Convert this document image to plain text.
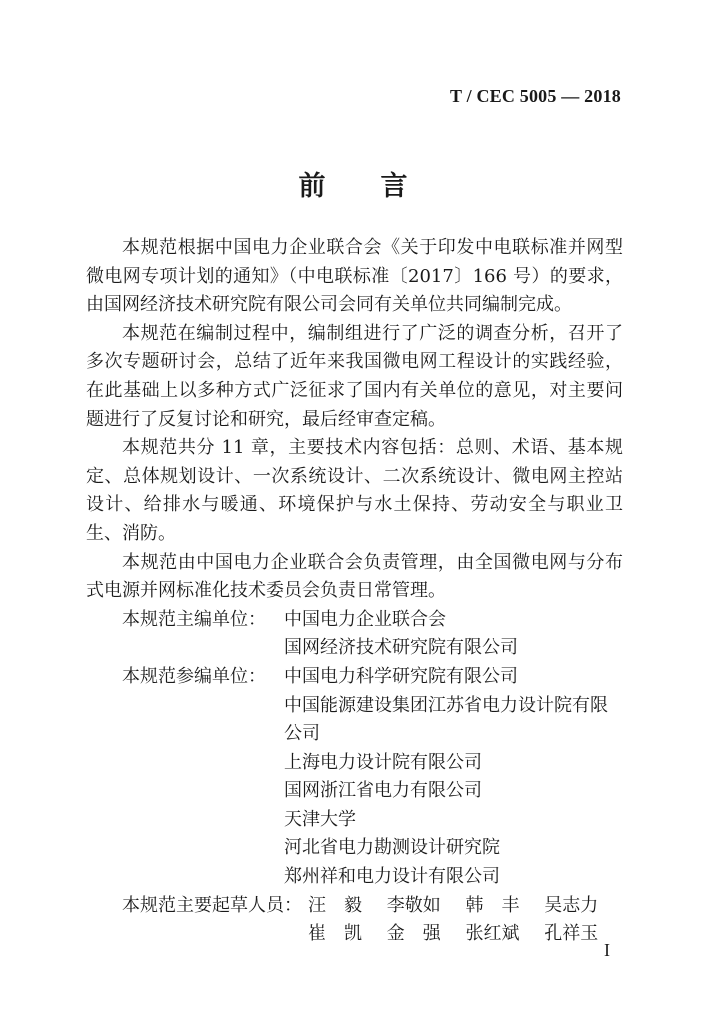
T / CEC 5005 — 2018
前 言

本规范根据中国电力企业联合会《关于印发中电联标准并网型微电网专项计划的通知》（中电联标准〔2017〕166 号）的要求，由国网经济技术研究院有限公司会同有关单位共同编制完成。

本规范在编制过程中，编制组进行了广泛的调查分析，召开了多次专题研讨会，总结了近年来我国微电网工程设计的实践经验，在此基础上以多种方式广泛征求了国内有关单位的意见，对主要问题进行了反复讨论和研究，最后经审查定稿。

本规范共分 11 章，主要技术内容包括：总则、术语、基本规定、总体规划设计、一次系统设计、二次系统设计、微电网主控站设计、给排水与暖通、环境保护与水土保持、劳动安全与职业卫生、消防。

本规范由中国电力企业联合会负责管理，由全国微电网与分布式电源并网标准化技术委员会负责日常管理。

本规范主编单位：	中国电力企业联合会

国网经济技术研究院有限公司

本规范参编单位：	中国电力科学研究院有限公司

中国能源建设集团江苏省电力设计院有限公司

上海电力设计院有限公司

国网浙江省电力有限公司

天津大学

河北省电力勘测设计研究院

郑州祥和电力设计有限公司

本规范主要起草人员： 汪毅 李敬如	韩丰 吴志力
崔凯 金强 张红斌	孔祥玉
I
